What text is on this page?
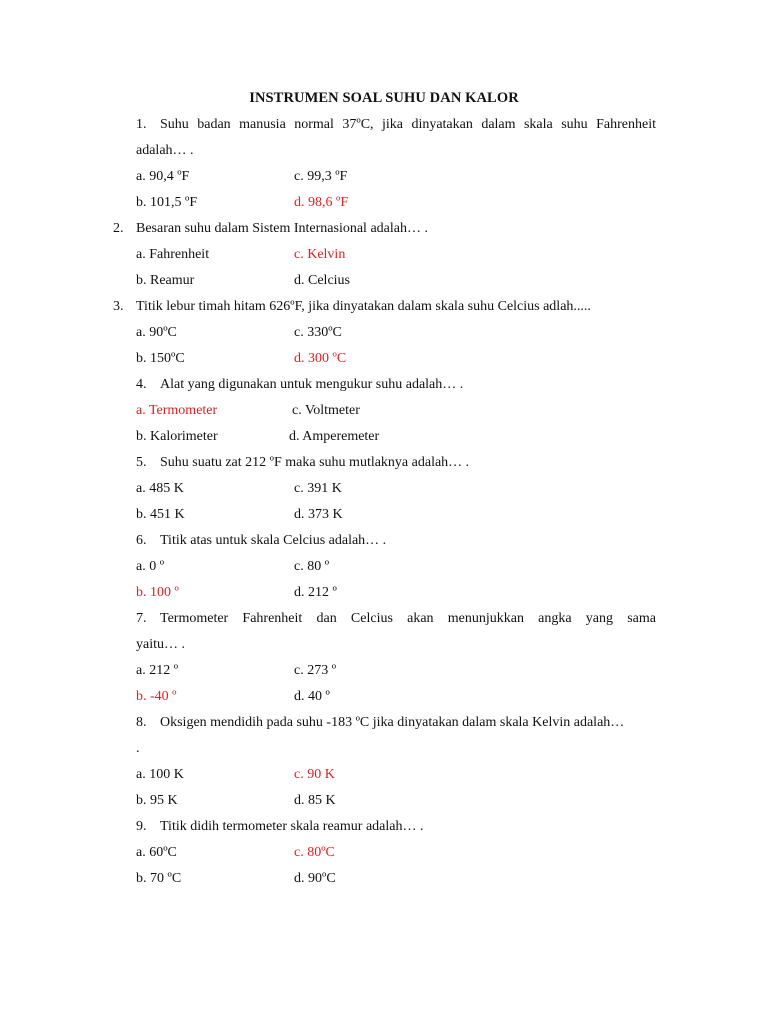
INSTRUMEN SOAL SUHU DAN KALOR
1. Suhu badan manusia normal 37ºC, jika dinyatakan dalam skala suhu Fahrenheit
adalah… .
a. 90,4 ºF	c. 99,3 ºF
b. 101,5 ºF	d. 98,6 ºF
2. Besaran suhu dalam Sistem Internasional adalah… .
a. Fahrenheit	c. Kelvin
b. Reamur	d. Celcius
3. Titik lebur timah hitam 626ºF, jika dinyatakan dalam skala suhu Celcius adlah.....
a. 90ºC	c. 330ºC
b. 150ºC	d. 300 ºC
4. Alat yang digunakan untuk mengukur suhu adalah… .
a. Termometer	c. Voltmeter
b. Kalorimeter	d. Amperemeter
5. Suhu suatu zat 212 ºF maka suhu mutlaknya adalah… .
a. 485 K	c. 391 K
b. 451 K	d. 373 K
6. Titik atas untuk skala Celcius adalah… .
a. 0 º	c. 80 º
b. 100 º	d. 212 º
7. Termometer Fahrenheit dan Celcius akan menunjukkan angka yang sama
yaitu… .
a. 212 º	c. 273 º
b. -40 º	d. 40 º
8. Oksigen mendidih pada suhu -183 ºC jika dinyatakan dalam skala Kelvin adalah…
.
a. 100 K	c. 90 K
b. 95 K	d. 85 K
9. Titik didih termometer skala reamur adalah… .
a. 60ºC	c. 80ºC
b. 70 ºC	d. 90ºC
